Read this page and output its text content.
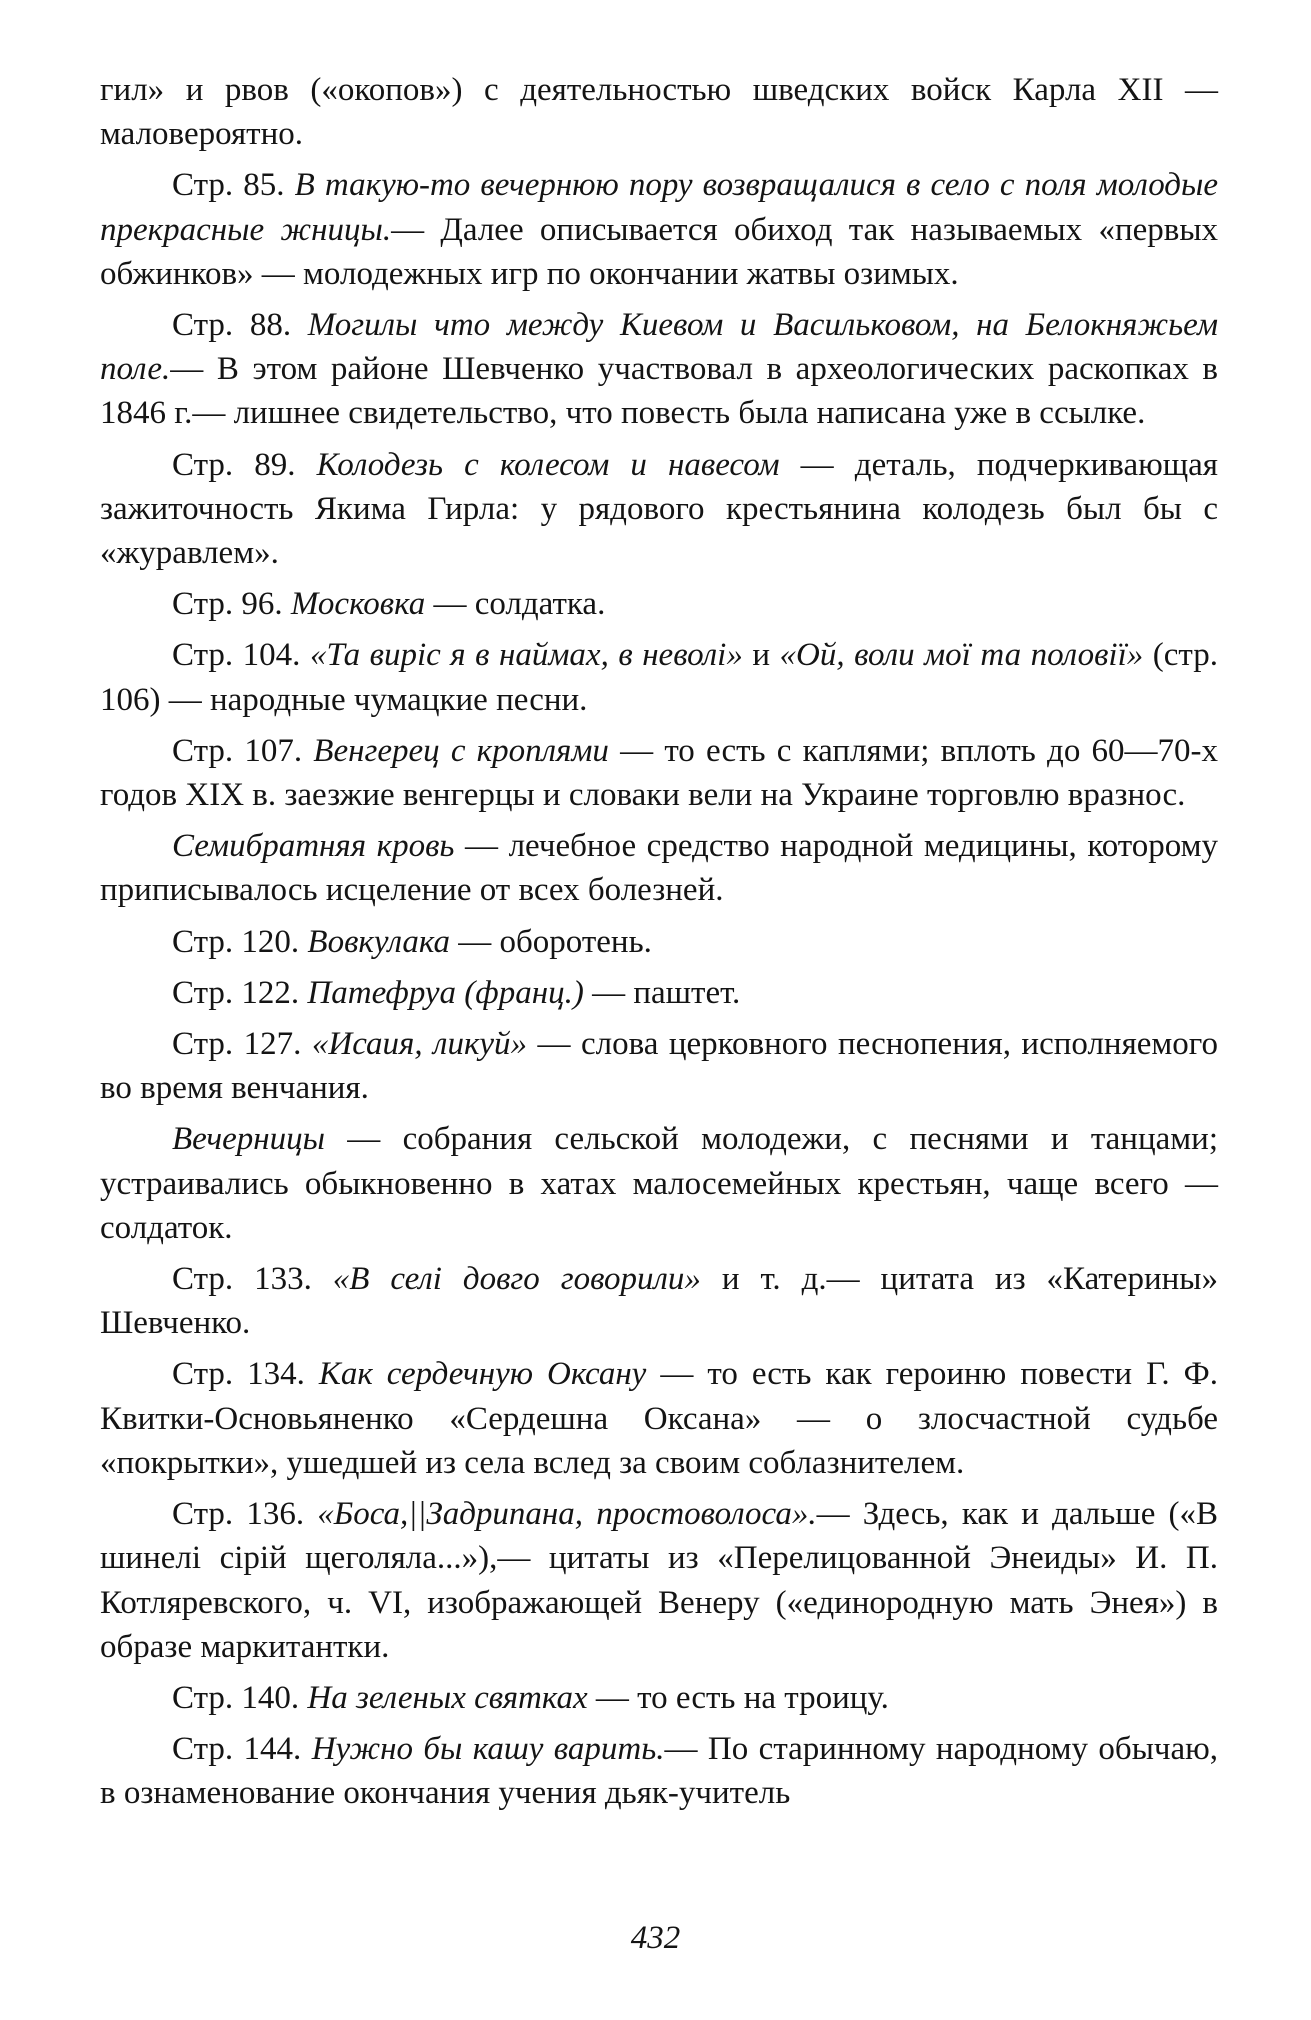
гил» и рвов («окопов») с деятельностью шведских войск Карла XII — маловероятно.

Стр. 85. В такую-то вечернюю пору возвращалися в село с поля молодые прекрасные жницы.— Далее описывается обиход так называемых «первых обжинков» — молодежных игр по окончании жатвы озимых.

Стр. 88. Могилы что между Киевом и Васильковом, на Белокняжьем поле.— В этом районе Шевченко участвовал в археологических раскопках в 1846 г.— лишнее свидетельство, что повесть была написана уже в ссылке.

Стр. 89. Колодезь с колесом и навесом — деталь, подчеркивающая зажиточность Якима Гирла: у рядового крестьянина колодезь был бы с «журавлем».

Стр. 96. Московка — солдатка.

Стр. 104. «Та виріс я в наймах, в неволі» и «Ой, воли мої та половії» (стр. 106) — народные чумацкие песни.

Стр. 107. Венгерец с кроплями — то есть с каплями; вплоть до 60—70-х годов XIX в. заезжие венгерцы и словаки вели на Украине торговлю вразнос.

Семибратняя кровь — лечебное средство народной медицины, которому приписывалось исцеление от всех болезней.

Стр. 120. Вовкулака — оборотень.

Стр. 122. Патефруа (франц.) — паштет.

Стр. 127. «Исаия, ликуй» — слова церковного песнопения, исполняемого во время венчания.

Вечерницы — собрания сельской молодежи, с песнями и танцами; устраивались обыкновенно в хатах малосемейных крестьян, чаще всего — солдаток.

Стр. 133. «В селі довго говорили» и т. д.— цитата из «Катерины» Шевченко.

Стр. 134. Как сердечную Оксану — то есть как героиню повести Г. Ф. Квитки-Основьяненко «Сердешна Оксана» — о злосчастной судьбе «покрытки», ушедшей из села вслед за своим соблазнителем.

Стр. 136. «Боса,||Задрипана, простоволоса».— Здесь, как и дальше («В шинелі сірій щеголяла...»),— цитаты из «Перелицованной Энеиды» И. П. Котляревского, ч. VI, изображающей Венеру («единородную мать Энея») в образе маркитантки.

Стр. 140. На зеленых святках — то есть на троицу.

Стр. 144. Нужно бы кашу варить.— По старинному народному обычаю, в ознаменование окончания учения дьяк-учитель

432
